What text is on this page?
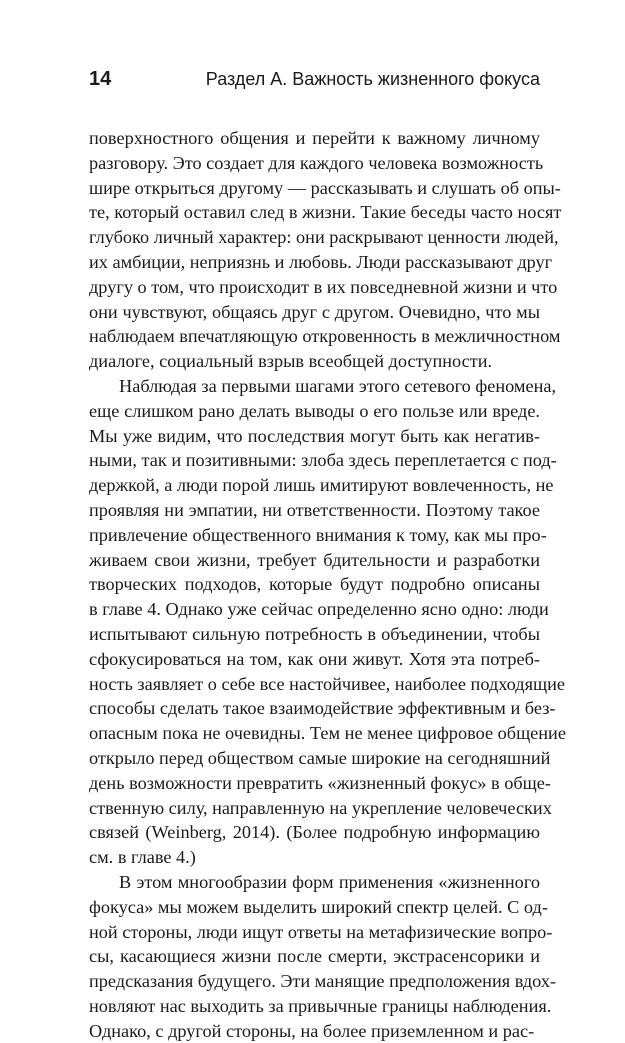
14	Раздел А. Важность жизненного фокуса
поверхностного общения и перейти к важному личному
разговору. Это создает для каждого человека возможность
шире открыться другому — рассказывать и слушать об опы-
те, который оставил след в жизни. Такие беседы часто носят
глубоко личный характер: они раскрывают ценности людей,
их амбиции, неприязнь и любовь. Люди рассказывают друг
другу о том, что происходит в их повседневной жизни и что
они чувствуют, общаясь друг с другом. Очевидно, что мы
наблюдаем впечатляющую откровенность в межличностном
диалоге, социальный взрыв всеобщей доступности.
Наблюдая за первыми шагами этого сетевого феномена,
еще слишком рано делать выводы о его пользе или вреде.
Мы уже видим, что последствия могут быть как негатив-
ными, так и позитивными: злоба здесь переплетается с под-
держкой, а люди порой лишь имитируют вовлеченность, не
проявляя ни эмпатии, ни ответственности. Поэтому такое
привлечение общественного внимания к тому, как мы про-
живаем свои жизни, требует бдительности и разработки
творческих подходов, которые будут подробно описаны
в главе 4. Однако уже сейчас определенно ясно одно: люди
испытывают сильную потребность в объединении, чтобы
сфокусироваться на том, как они живут. Хотя эта потреб-
ность заявляет о себе все настойчивее, наиболее подходящие
способы сделать такое взаимодействие эффективным и без-
опасным пока не очевидны. Тем не менее цифровое общение
открыло перед обществом самые широкие на сегодняшний
день возможности превратить «жизненный фокус» в обще-
ственную силу, направленную на укрепление человеческих
связей (Weinberg, 2014). (Более подробную информацию
см. в главе 4.)
В этом многообразии форм применения «жизненного
фокуса» мы можем выделить широкий спектр целей. С од-
ной стороны, люди ищут ответы на метафизические вопро-
сы, касающиеся жизни после смерти, экстрасенсорики и
предсказания будущего. Эти манящие предположения вдох-
новляют нас выходить за привычные границы наблюдения.
Однако, с другой стороны, на более приземленном и рас-
